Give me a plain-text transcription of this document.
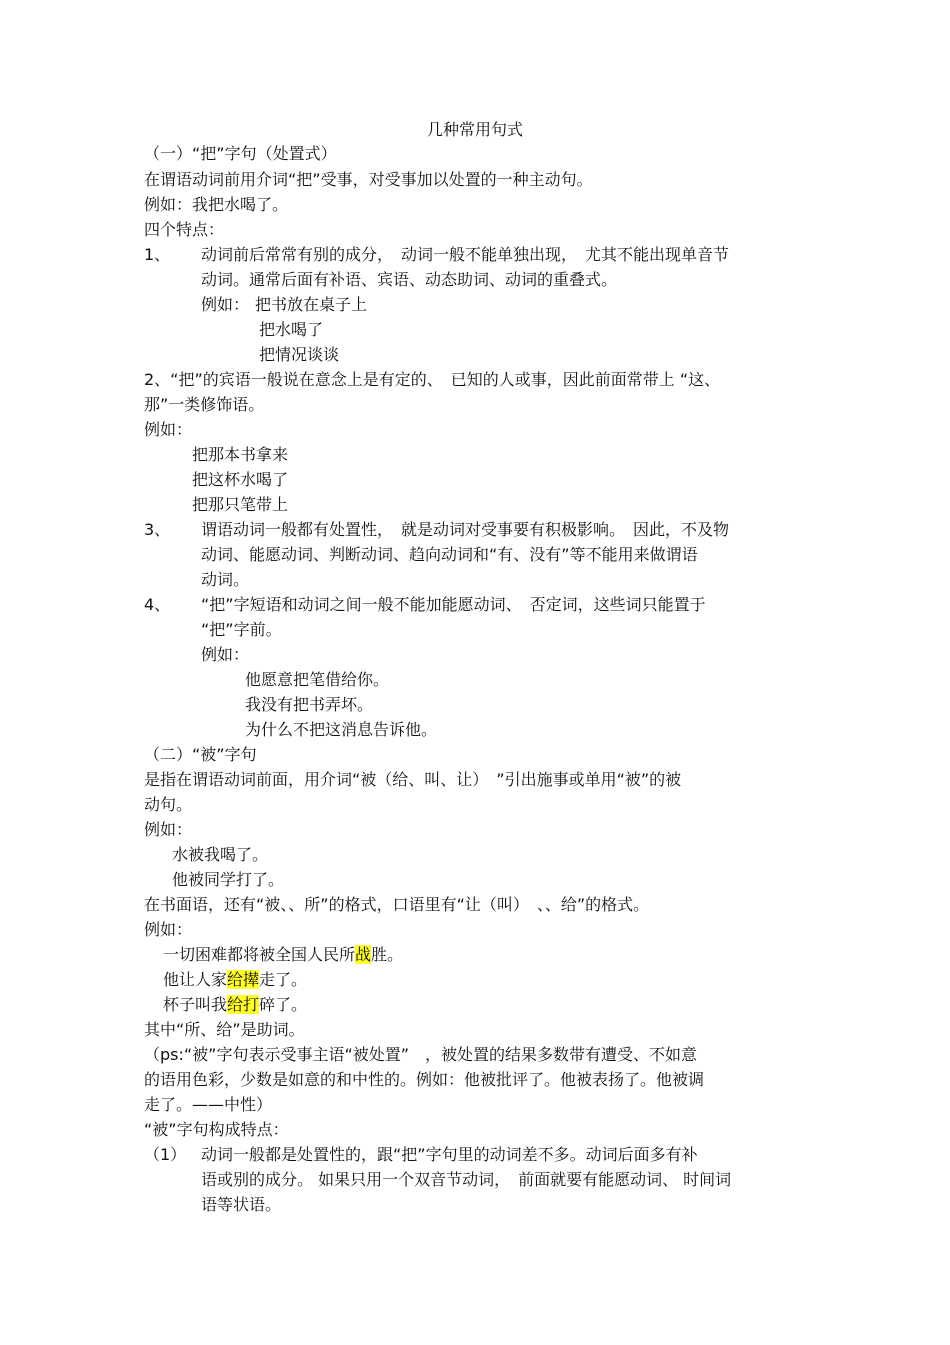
几种常用句式
（一）“把”字句（处置式）
在谓语动词前用介词“把”受事，对受事加以处置的一种主动句。
例如：我把水喝了。
四个特点：
1、 动词前后常常有别的成分，　动词一般不能单独出现，　尤其不能出现单音节
动词。通常后面有补语、宾语、动态助词、动词的重叠式。
例如： 把书放在桌子上
把水喝了
把情况谈谈
2、“把”的宾语一般说在意念上是有定的、　已知的人或事，因此前面常带上 “这、
那”一类修饰语。
例如：
把那本书拿来
把这杯水喝了
把那只笔带上
3、 谓语动词一般都有处置性，　就是动词对受事要有积极影响。　因此，不及物
动词、能愿动词、判断动词、趋向动词和“有、没有”等不能用来做谓语
动词。
4、 “把”字短语和动词之间一般不能加能愿动词、　否定词，这些词只能置于
“把”字前。
例如：
他愿意把笔借给你。
我没有把书弄坏。
为什么不把这消息告诉他。
（二）“被”字句
是指在谓语动词前面，用介词“被（给、叫、让）　”引出施事或单用“被”的被
动句。
例如：
水被我喝了。
他被同学打了。
在书面语，还有“被、、所”的格式，口语里有“让（叫）　、、给”的格式。
例如：
一切困难都将被全国人民所战胜。
他让人家给撵走了。
杯子叫我给打碎了。
其中“所、给”是助词。
（ps:“被”字句表示受事主语“被处置”　，被处置的结果多数带有遭受、不如意
的语用色彩，少数是如意的和中性的。例如：他被批评了。他被表扬了。他被调
走了。——中性）
“被”字句构成特点：
（1） 动词一般都是处置性的，跟“把”字句里的动词差不多。动词后面多有补
语或别的成分。 如果只用一个双音节动词，　前面就要有能愿动词、 时间词
语等状语。
